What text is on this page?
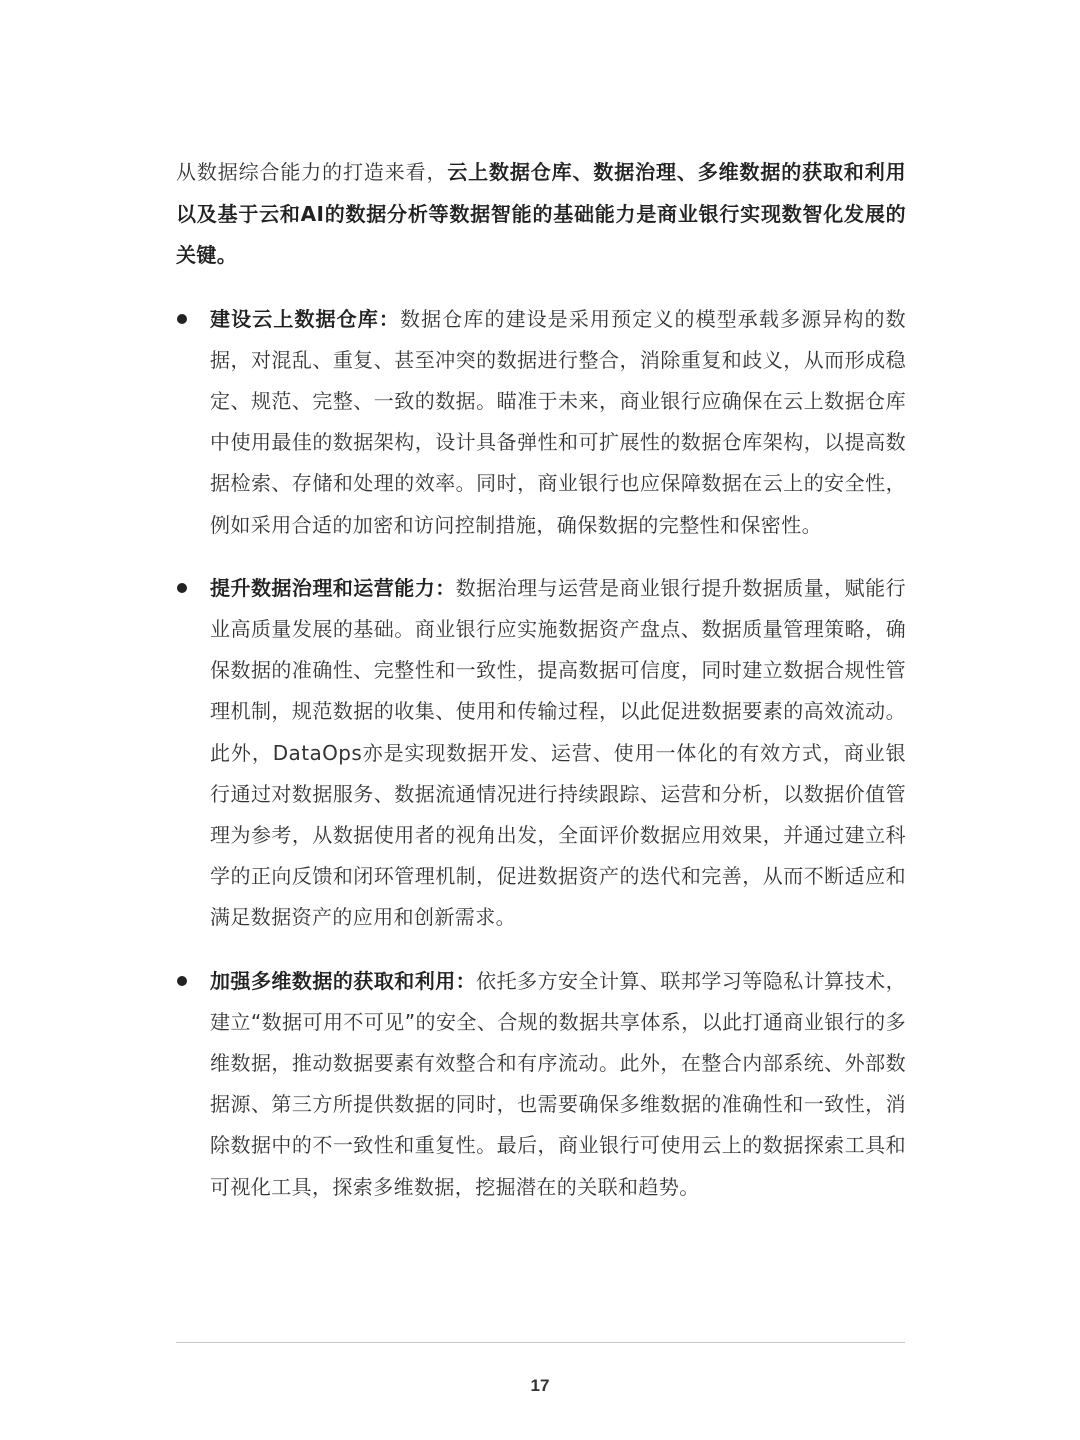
从数据综合能力的打造来看，云上数据仓库、数据治理、多维数据的获取和利用以及基于云和AI的数据分析等数据智能的基础能力是商业银行实现数智化发展的关键。

建设云上数据仓库：数据仓库的建设是采用预定义的模型承载多源异构的数据，对混乱、重复、甚至冲突的数据进行整合，消除重复和歧义，从而形成稳定、规范、完整、一致的数据。瞄准于未来，商业银行应确保在云上数据仓库中使用最佳的数据架构，设计具备弹性和可扩展性的数据仓库架构，以提高数据检索、存储和处理的效率。同时，商业银行也应保障数据在云上的安全性，例如采用合适的加密和访问控制措施，确保数据的完整性和保密性。
提升数据治理和运营能力：数据治理与运营是商业银行提升数据质量，赋能行业高质量发展的基础。商业银行应实施数据资产盘点、数据质量管理策略，确保数据的准确性、完整性和一致性，提高数据可信度，同时建立数据合规性管理机制，规范数据的收集、使用和传输过程，以此促进数据要素的高效流动。此外，DataOps亦是实现数据开发、运营、使用一体化的有效方式，商业银行通过对数据服务、数据流通情况进行持续跟踪、运营和分析，以数据价值管理为参考，从数据使用者的视角出发，全面评价数据应用效果，并通过建立科学的正向反馈和闭环管理机制，促进数据资产的迭代和完善，从而不断适应和满足数据资产的应用和创新需求。
加强多维数据的获取和利用：依托多方安全计算、联邦学习等隐私计算技术，建立“数据可用不可见”的安全、合规的数据共享体系，以此打通商业银行的多维数据，推动数据要素有效整合和有序流动。此外，在整合内部系统、外部数据源、第三方所提供数据的同时，也需要确保多维数据的准确性和一致性，消除数据中的不一致性和重复性。最后，商业银行可使用云上的数据探索工具和可视化工具，探索多维数据，挖掘潜在的关联和趋势。
17
